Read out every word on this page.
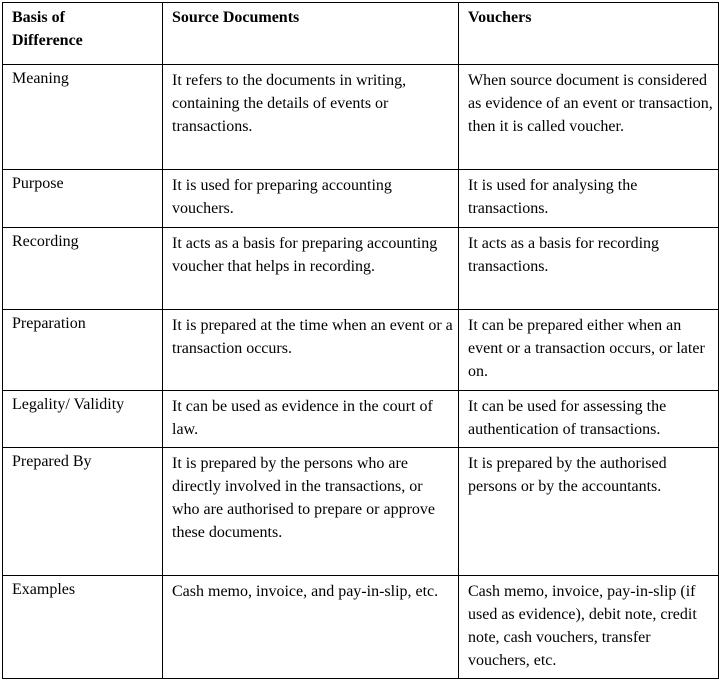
Basis of Difference	Source Documents	Vouchers
Meaning	It refers to the documents in writing, containing the details of events or transactions.	When source document is considered as evidence of an event or transaction, then it is called voucher.
Purpose	It is used for preparing accounting vouchers.	It is used for analysing the transactions.
Recording	It acts as a basis for preparing accounting voucher that helps in recording.	It acts as a basis for recording transactions.
Preparation	It is prepared at the time when an event or a transaction occurs.	It can be prepared either when an event or a transaction occurs, or later on.
Legality/ Validity	It can be used as evidence in the court of law.	It can be used for assessing the authentication of transactions.
Prepared By	It is prepared by the persons who are directly involved in the transactions, or who are authorised to prepare or approve these documents.	It is prepared by the authorised persons or by the accountants.
Examples	Cash memo, invoice, and pay-in-slip, etc.	Cash memo, invoice, pay-in-slip (if used as evidence), debit note, credit note, cash vouchers, transfer vouchers, etc.
